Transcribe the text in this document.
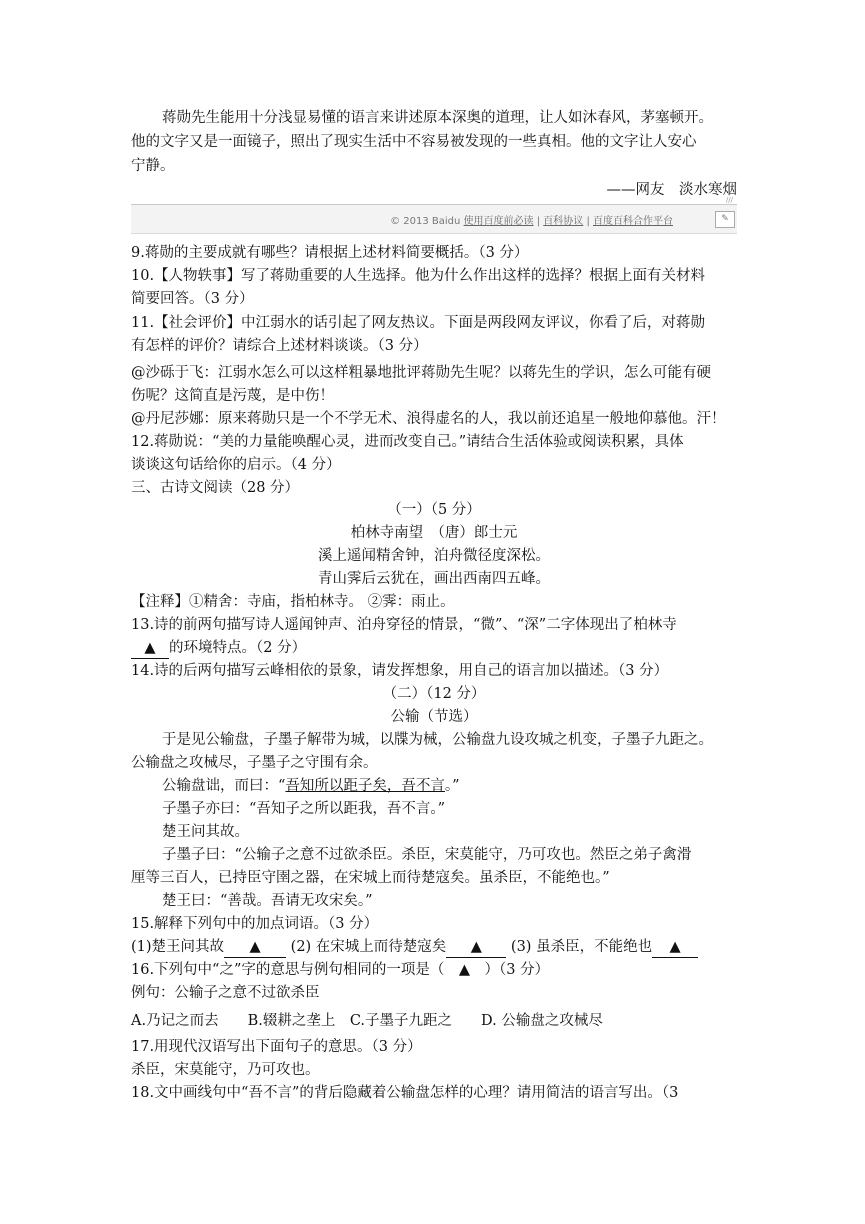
蒋勋先生能用十分浅显易懂的语言来讲述原本深奥的道理，让人如沐春风，茅塞顿开。
他的文字又是一面镜子，照出了现实生活中不容易被发现的一些真相。他的文字让人安心
宁静。
——网友　淡水寒烟
///
© 2013 Baidu 使用百度前必读 | 百科协议 | 百度百科合作平台	✎
9.蒋勋的主要成就有哪些？请根据上述材料简要概括。（3 分）
10.【人物轶事】写了蒋勋重要的人生选择。他为什么作出这样的选择？根据上面有关材料
简要回答。（3 分）
11.【社会评价】中江弱水的话引起了网友热议。下面是两段网友评议，你看了后，对蒋勋
有怎样的评价？请综合上述材料谈谈。（3 分）
@沙砾于飞：江弱水怎么可以这样粗暴地批评蒋勋先生呢？以蒋先生的学识，怎么可能有硬
伤呢？这简直是污蔑，是中伤！
@丹尼莎娜：原来蒋勋只是一个不学无术、浪得虚名的人，我以前还追星一般地仰慕他。汗！
12.蒋勋说：“美的力量能唤醒心灵，进而改变自己。”请结合生活体验或阅读积累，具体
谈谈这句话给你的启示。（4 分）
三、古诗文阅读（28 分）
（一）（5 分）
柏林寺南望　（唐）郎士元
溪上遥闻精舍钟，泊舟微径度深松。
青山霁后云犹在，画出西南四五峰。
【注释】①精舍：寺庙，指柏林寺。 ②霁：雨止。
13.诗的前两句描写诗人遥闻钟声、泊舟穿径的情景，“微”、“深”二字体现出了柏林寺
▲ 的环境特点。（2 分）
14.诗的后两句描写云峰相依的景象，请发挥想象，用自己的语言加以描述。（3 分）
（二）（12 分）
公输（节选）
于是见公输盘，子墨子解带为城，以牒为械，公输盘九设攻城之机变，子墨子九距之。
公输盘之攻械尽，子墨子之守围有余。
公输盘诎，而曰：“吾知所以距子矣，吾不言。”
子墨子亦曰：“吾知子之所以距我，吾不言。”
楚王问其故。
子墨子曰：“公输子之意不过欲杀臣。杀臣，宋莫能守，乃可攻也。然臣之弟子禽滑
厘等三百人，已持臣守圉之器，在宋城上而待楚寇矣。虽杀臣，不能绝也。”
楚王曰：“善哉。吾请无攻宋矣。”
15.解释下列句中的加点词语。（3 分）
(1)楚王问其故 ▲ (2) 在宋城上而待楚寇矣 ▲ (3) 虽杀臣，不能绝也 ▲
16.下列句中“之”字的意思与例句相同的一项是（　 ▲　 ）（3 分）
例句：公输子之意不过欲杀臣
A.乃记之而去　　 B.辍耕之垄上　 C.子墨子九距之　　 D. 公输盘之攻械尽
17.用现代汉语写出下面句子的意思。（3 分）
杀臣，宋莫能守，乃可攻也。
18.文中画线句中“吾不言”的背后隐藏着公输盘怎样的心理？请用简洁的语言写出。（3
